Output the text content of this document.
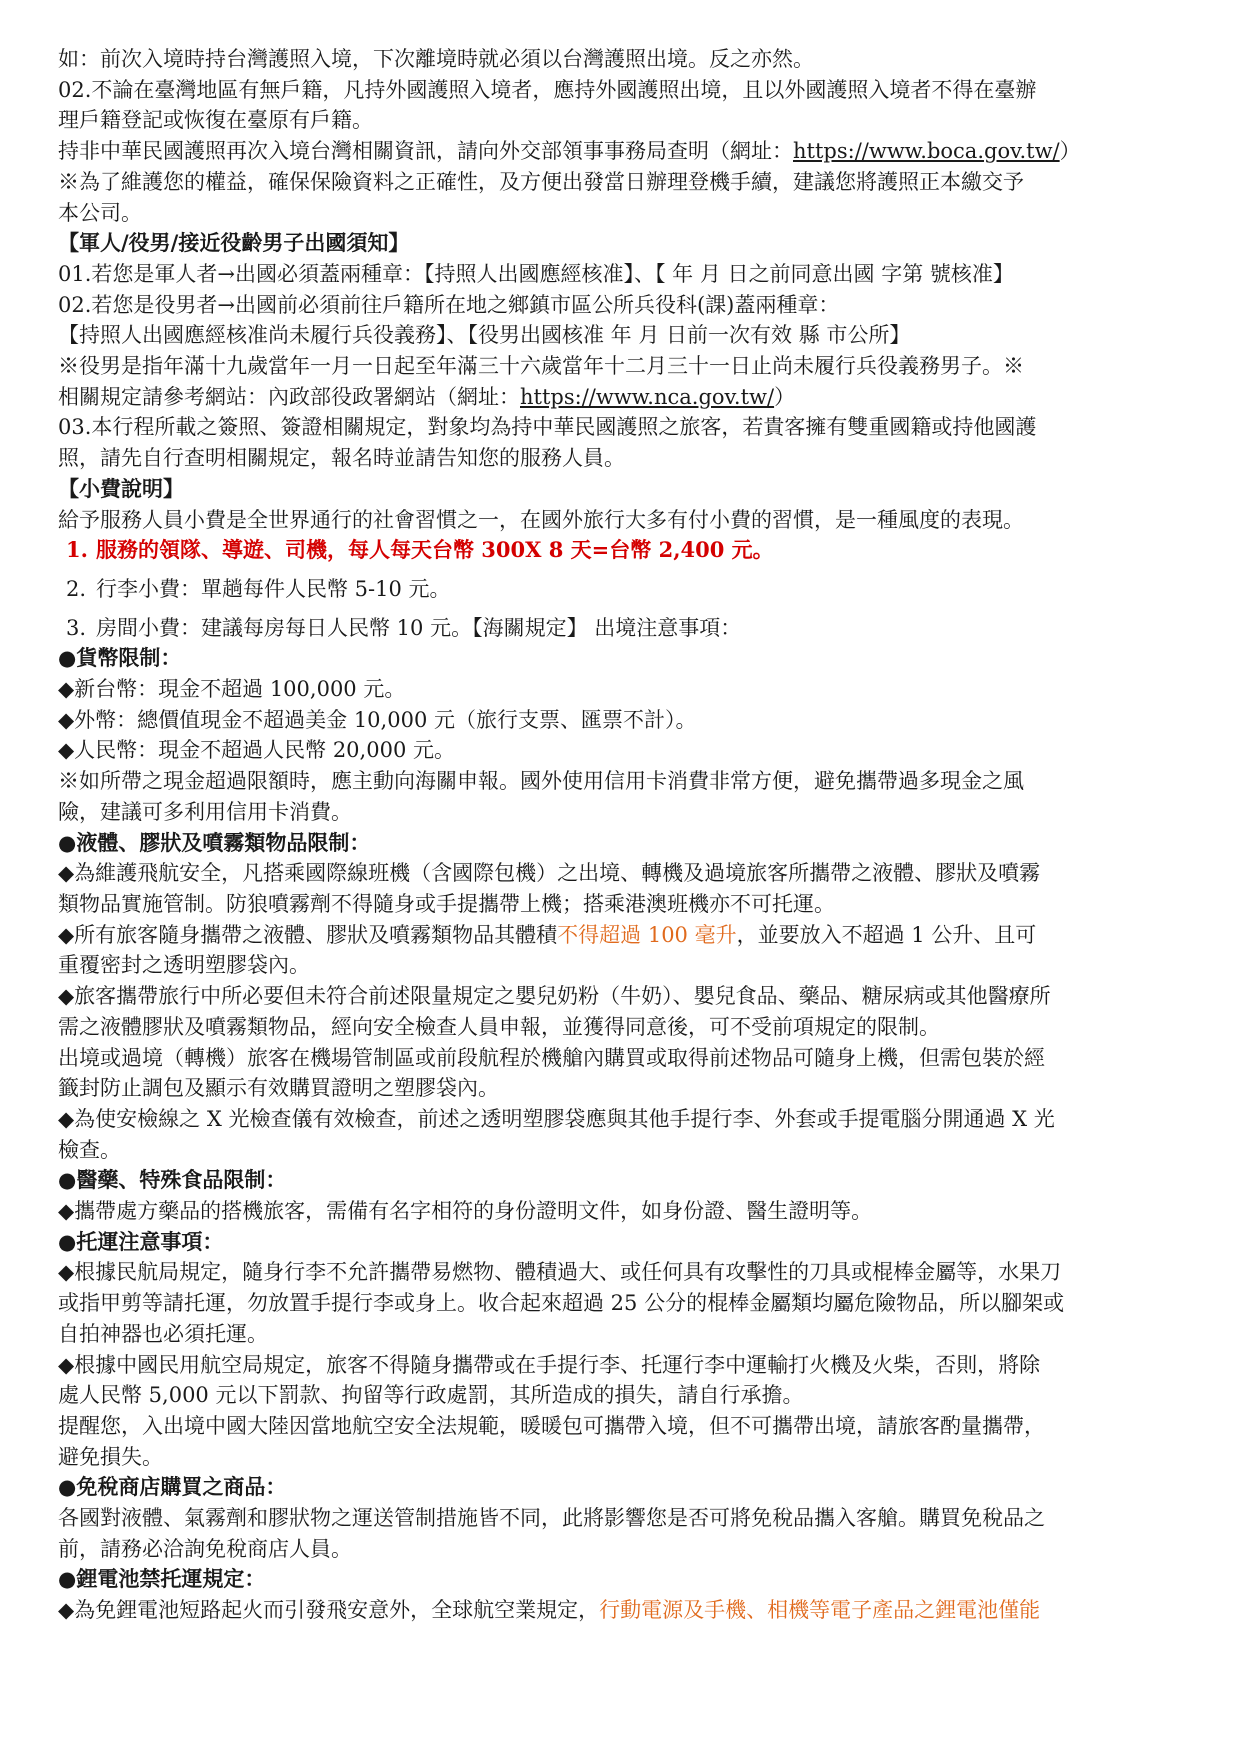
如：前次入境時持台灣護照入境，下次離境時就必須以台灣護照出境。反之亦然。
02.不論在臺灣地區有無戶籍，凡持外國護照入境者，應持外國護照出境，且以外國護照入境者不得在臺辦
理戶籍登記或恢復在臺原有戶籍。
持非中華民國護照再次入境台灣相關資訊，請向外交部領事事務局查明（網址：https://www.boca.gov.tw/）
※為了維護您的權益，確保保險資料之正確性，及方便出發當日辦理登機手續，建議您將護照正本繳交予
本公司。
【軍人/役男/接近役齡男子出國須知】
01.若您是軍人者→出國必須蓋兩種章：【持照人出國應經核准】、【 年 月 日之前同意出國 字第 號核准】
02.若您是役男者→出國前必須前往戶籍所在地之鄉鎮市區公所兵役科(課)蓋兩種章：
【持照人出國應經核准尚未履行兵役義務】、【役男出國核准 年 月 日前一次有效 縣 市公所】
※役男是指年滿十九歲當年一月一日起至年滿三十六歲當年十二月三十一日止尚未履行兵役義務男子。※
相關規定請參考網站：內政部役政署網站（網址：https://www.nca.gov.tw/）
03.本行程所載之簽照、簽證相關規定，對象均為持中華民國護照之旅客，若貴客擁有雙重國籍或持他國護
照，請先自行查明相關規定，報名時並請告知您的服務人員。
【小費說明】
給予服務人員小費是全世界通行的社會習慣之一，在國外旅行大多有付小費的習慣，是一種風度的表現。
1. 服務的領隊、導遊、司機，每人每天台幣 300X 8 天=台幣 2,400 元。
2. 行李小費：單趟每件人民幣 5-10 元。
3. 房間小費：建議每房每日人民幣 10 元。【海關規定】 出境注意事項：
●貨幣限制：
◆新台幣：現金不超過 100,000 元。
◆外幣：總價值現金不超過美金 10,000 元（旅行支票、匯票不計）。
◆人民幣：現金不超過人民幣 20,000 元。
※如所帶之現金超過限額時，應主動向海關申報。國外使用信用卡消費非常方便，避免攜帶過多現金之風
險，建議可多利用信用卡消費。
●液體、膠狀及噴霧類物品限制：
◆為維護飛航安全，凡搭乘國際線班機（含國際包機）之出境、轉機及過境旅客所攜帶之液體、膠狀及噴霧
類物品實施管制。防狼噴霧劑不得隨身或手提攜帶上機；搭乘港澳班機亦不可托運。
◆所有旅客隨身攜帶之液體、膠狀及噴霧類物品其體積不得超過 100 毫升，並要放入不超過 1 公升、且可
重覆密封之透明塑膠袋內。
◆旅客攜帶旅行中所必要但未符合前述限量規定之嬰兒奶粉（牛奶）、嬰兒食品、藥品、糖尿病或其他醫療所
需之液體膠狀及噴霧類物品，經向安全檢查人員申報，並獲得同意後，可不受前項規定的限制。
出境或過境（轉機）旅客在機場管制區或前段航程於機艙內購買或取得前述物品可隨身上機，但需包裝於經
籤封防止調包及顯示有效購買證明之塑膠袋內。
◆為使安檢線之 X 光檢查儀有效檢查，前述之透明塑膠袋應與其他手提行李、外套或手提電腦分開通過 X 光
檢查。
●醫藥、特殊食品限制：
◆攜帶處方藥品的搭機旅客，需備有名字相符的身份證明文件，如身份證、醫生證明等。
●托運注意事項：
◆根據民航局規定，隨身行李不允許攜帶易燃物、體積過大、或任何具有攻擊性的刀具或棍棒金屬等，水果刀
或指甲剪等請托運，勿放置手提行李或身上。收合起來超過 25 公分的棍棒金屬類均屬危險物品，所以腳架或
自拍神器也必須托運。
◆根據中國民用航空局規定，旅客不得隨身攜帶或在手提行李、托運行李中運輸打火機及火柴，否則，將除
處人民幣 5,000 元以下罰款、拘留等行政處罰，其所造成的損失，請自行承擔。
提醒您，入出境中國大陸因當地航空安全法規範，暖暖包可攜帶入境，但不可攜帶出境，請旅客酌量攜帶，
避免損失。
●免稅商店購買之商品：
各國對液體、氣霧劑和膠狀物之運送管制措施皆不同，此將影響您是否可將免稅品攜入客艙。購買免稅品之
前，請務必洽詢免稅商店人員。
●鋰電池禁托運規定：
◆為免鋰電池短路起火而引發飛安意外，全球航空業規定，行動電源及手機、相機等電子產品之鋰電池僅能
